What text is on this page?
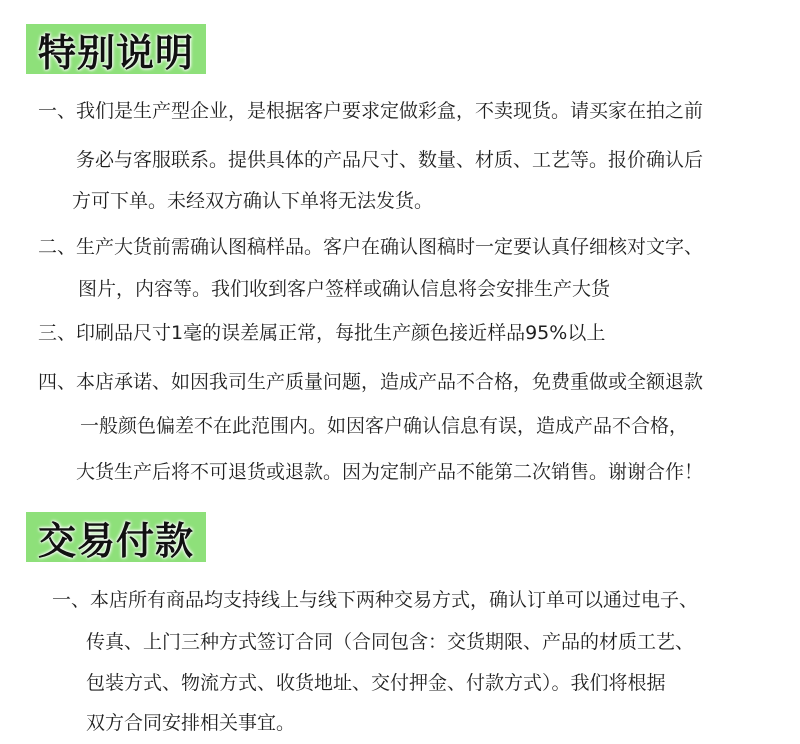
特别说明
一、我们是生产型企业，是根据客户要求定做彩盒，不卖现货。请买家在拍之前
务必与客服联系。提供具体的产品尺寸、数量、材质、工艺等。报价确认后
方可下单。未经双方确认下单将无法发货。
二、生产大货前需确认图稿样品。客户在确认图稿时一定要认真仔细核对文字、
图片，内容等。我们收到客户签样或确认信息将会安排生产大货
三、印刷品尺寸1毫的误差属正常，每批生产颜色接近样品95%以上
四、本店承诺、如因我司生产质量问题，造成产品不合格，免费重做或全额退款
一般颜色偏差不在此范围内。如因客户确认信息有误，造成产品不合格，
大货生产后将不可退货或退款。因为定制产品不能第二次销售。谢谢合作！
交易付款
一、本店所有商品均支持线上与线下两种交易方式，确认订单可以通过电子、
传真、上门三种方式签订合同（合同包含：交货期限、产品的材质工艺、
包装方式、物流方式、收货地址、交付押金、付款方式）。我们将根据
双方合同安排相关事宜。
